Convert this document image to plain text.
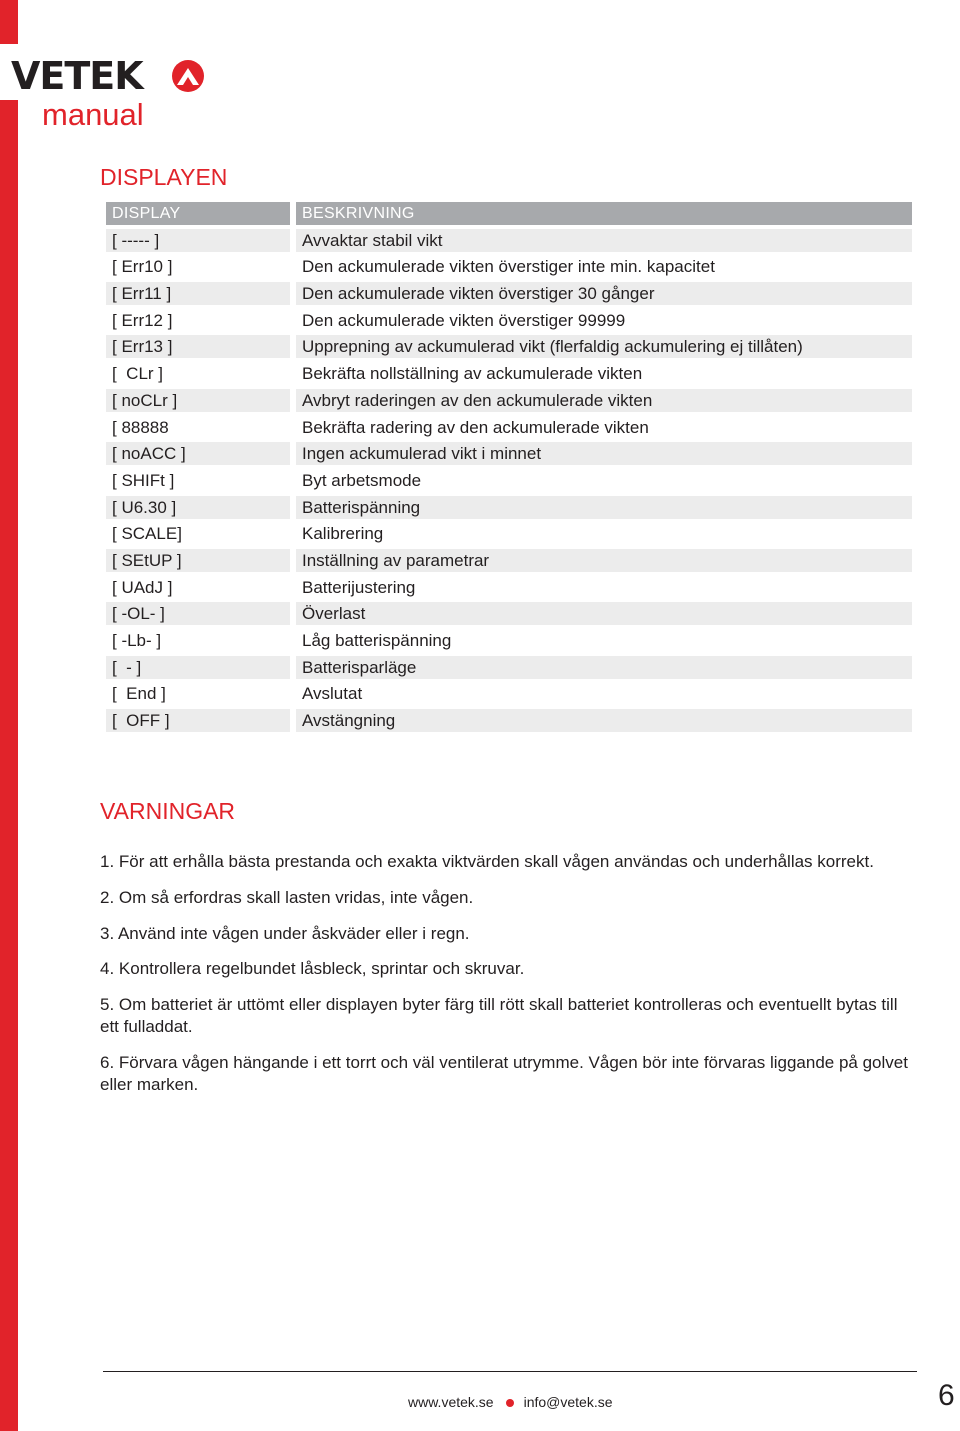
VETEK
manual
DISPLAYEN
DISPLAY	BESKRIVNING
[ ----- ]	Avvaktar stabil vikt
[ Err10 ]	Den ackumulerade vikten överstiger inte min. kapacitet
[ Err11 ]	Den ackumulerade vikten överstiger 30 gånger
[ Err12 ]	Den ackumulerade vikten överstiger 99999
[ Err13 ]	Upprepning av ackumulerad vikt (flerfaldig ackumulering ej tillåten)
[  CLr ]	Bekräfta nollställning av ackumulerade vikten
[ noCLr ]	Avbryt raderingen av den ackumulerade vikten
[ 88888	Bekräfta radering av den ackumulerade vikten
[ noACC ]	Ingen ackumulerad vikt i minnet
[ SHIFt ]	Byt arbetsmode
[ U6.30 ]	Batterispänning
[ SCALE]	Kalibrering
[ SEtUP ]	Inställning av parametrar
[ UAdJ ]	Batterijustering
[ -OL- ]	Överlast
[ -Lb- ]	Låg batterispänning
[  - ]	Batterisparläge
[  End ]	Avslutat
[  OFF ]	Avstängning
VARNINGAR
1. För att erhålla bästa prestanda och exakta viktvärden skall vågen användas och underhållas korrekt.
2. Om så erfordras skall lasten vridas, inte vågen.
3. Använd inte vågen under åskväder eller i regn.
4. Kontrollera regelbundet låsbleck, sprintar och skruvar.
5. Om batteriet är uttömt eller displayen byter färg till rött skall batteriet kontrolleras och eventuellt bytas till ett fulladdat.
6. Förvara vågen hängande i ett torrt och väl ventilerat utrymme. Vågen bör inte förvaras liggande på golvet eller marken.
www.vetek.se info@vetek.se	6
